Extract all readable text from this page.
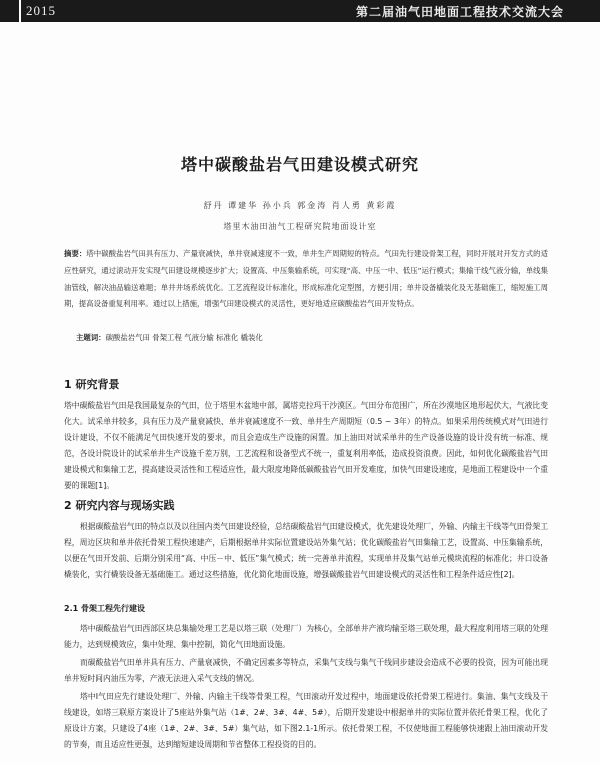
2015	第二届油气田地面工程技术交流大会
塔中碳酸盐岩气田建设模式研究
舒丹 谭建华 孙小兵 郭金涛 肖人勇 黄彩霞
塔里木油田油气工程研究院地面设计室
摘要：塔中碳酸盐岩气田具有压力、产量衰减快，单井衰减速度不一致，单井生产周期短的特点。气田先行建设骨架工程，同时开展对开发方式的适应性研究，通过滚动开发实现气田建设规模逐步扩大；设置高、中压集输系统，可实现“高、中压一中、低压”运行模式；集输干线气液分输，单线集油管线，解决油品输送难题；单井井场系统优化。工艺流程设计标准化，形成标准化定型图，方便引用；单井设备橇装化及无基础施工，缩短施工周期，提高设备重复利用率。通过以上措施，增强气田建设模式的灵活性，更好地适应碳酸盐岩气田开发特点。
主题词：碳酸盐岩气田 骨架工程 气液分输 标准化 橇装化
1 研究背景
塔中碳酸盐岩气田是我国最复杂的气田，位于塔里木盆地中部，属塔克拉玛干沙漠区。气田分布范围广，所在沙漠地区地形起伏大，气液比变化大。试采单井较多，具有压力及产量衰减快、单井衰减速度不一致、单井生产周期短（0.5 ~ 3年）的特点。如果采用传统模式对气田进行设计建设，不仅不能满足气田快速开发的要求，而且会造成生产设施的闲置。加上油田对试采单井的生产设备设施的设计没有统一标准、规范，各设计院设计的试采单井生产设施千差万别，工艺流程和设备型式不统一，重复利用率低，造成投资浪费。因此，如何优化碳酸盐岩气田建设模式和集输工艺，提高建设灵活性和工程适应性，最大限度地降低碳酸盐岩气田开发难度，加快气田建设速度，是地面工程建设中一个重要的课题[1]。
2 研究内容与现场实践
根据碳酸盐岩气田的特点以及以往国内类气田建设经验，总结碳酸盐岩气田建设模式，优先建设处理厂，外输、内输主干线等气田骨架工程，周边区块和单井依托骨架工程快速建产，后期根据单井实际位置建设站外集气站；优化碳酸盐岩气田集输工艺，设置高、中压集输系统，以便在气田开发前、后期分别采用“高、中压－中、低压”集气模式；统一完善单井流程，实现单井及集气站单元模块流程的标准化；井口设备橇装化，实行橇装设备无基础施工。通过这些措施，优化简化地面设施，增强碳酸盐岩气田建设模式的灵活性和工程条件适应性[2]。
2.1 骨架工程先行建设
塔中碳酸盐岩气田西部区块总集输处理工艺是以塔三联（处理厂）为核心，全部单井产液均输至塔三联处理，最大程度利用塔三联的处理能力，达到规模效应，集中处理、集中控制，简化气田地面设施。
而碳酸盐岩气田单井具有压力、产量衰减快，不确定因素多等特点，采集气支线与集气干线同步建设会造成不必要的投资，因为可能出现单井短时间内油压为零，产液无法进入采气支线的情况。
塔中Ⅰ气田应先行建设处理厂、外输、内输主干线等骨架工程，气田滚动开发过程中，地面建设依托骨架工程进行。集油、集气支线及干线建设，如塔三联原方案设计了5座站外集气站（1#、2#、3#、4#、5#），后期开发建设中根据单井的实际位置并依托骨架工程，优化了原设计方案，只建设了4座（1#、2#、3#、5#）集气站，如下图2.1-1所示。依托骨架工程，不仅使地面工程能够快速跟上油田滚动开发的节奏，而且适应性更强，达到缩短建设周期和节省整体工程投资的目的。
